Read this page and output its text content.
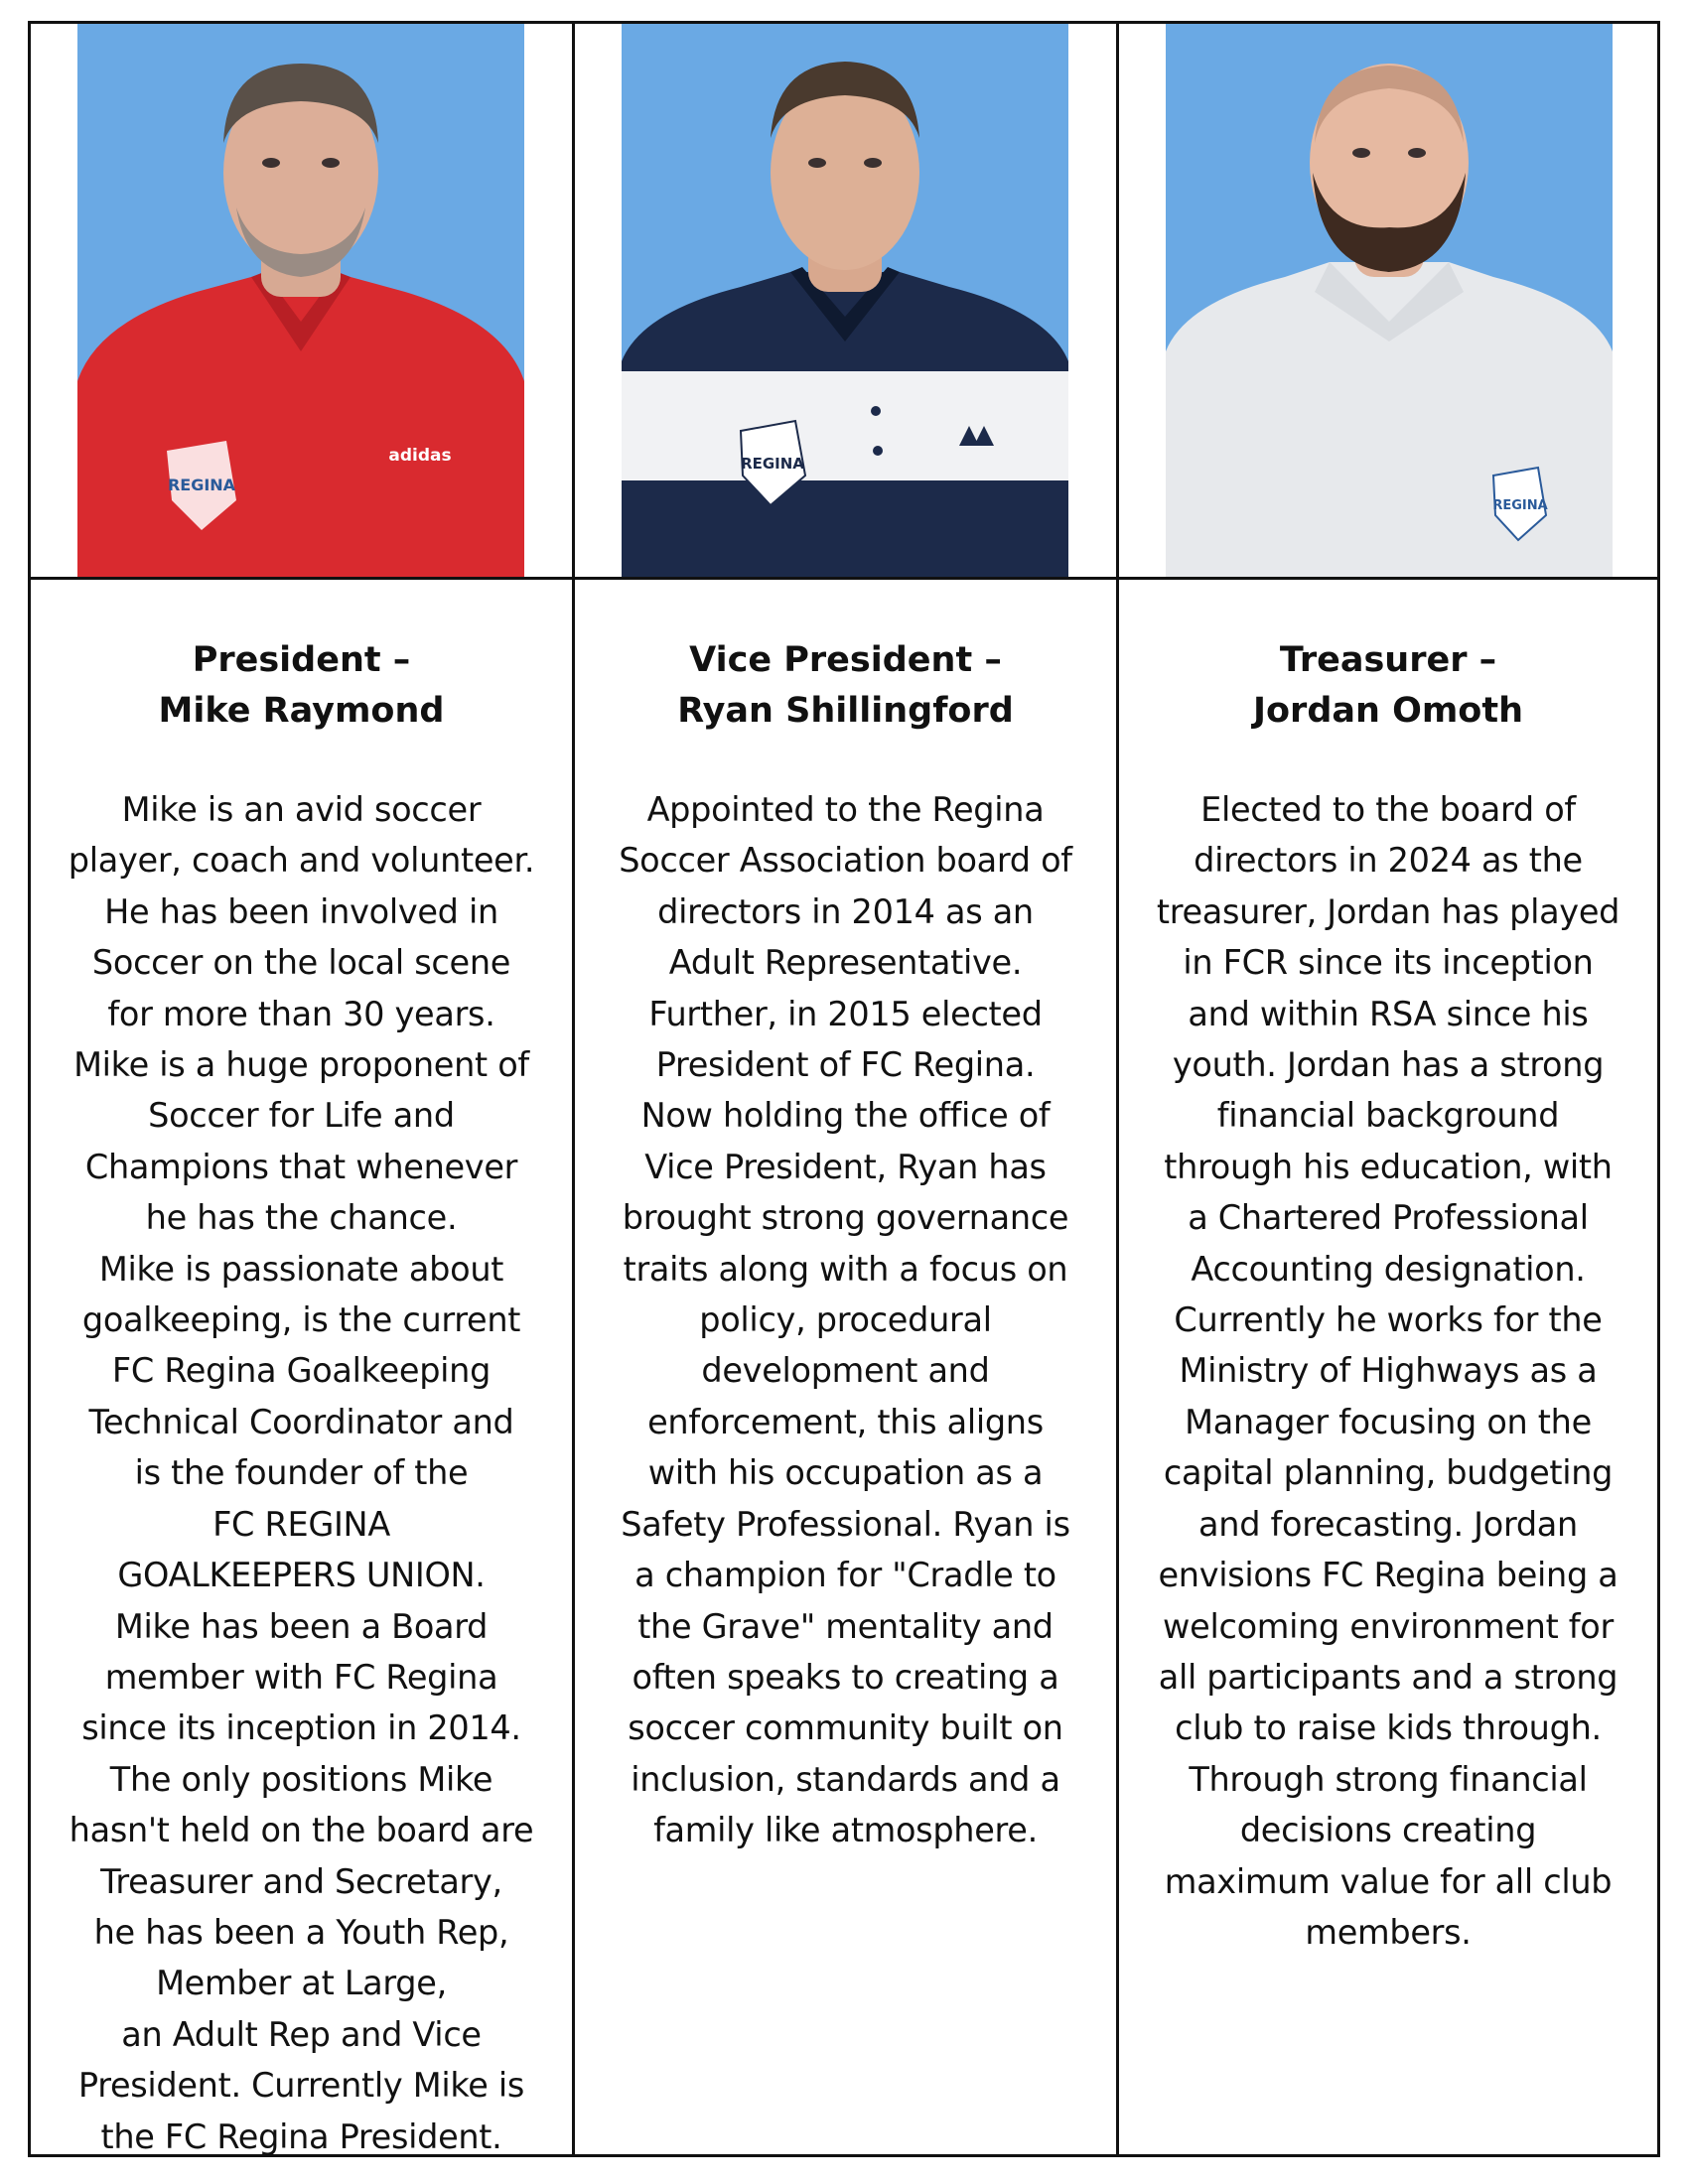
REGINA
adidas	REGINA
REGINA
President –
Mike Raymond
Mike is an avid soccer
player, coach and volunteer.
He has been involved in
Soccer on the local scene
for more than 30 years.
Mike is a huge proponent of
Soccer for Life and
Champions that whenever
he has the chance.
Mike is passionate about
goalkeeping, is the current
FC Regina Goalkeeping
Technical Coordinator and
is the founder of the
FC REGINA
GOALKEEPERS UNION.
Mike has been a Board
member with FC Regina
since its inception in 2014.
The only positions Mike
hasn't held on the board are
Treasurer and Secretary,
he has been a Youth Rep,
Member at Large,
an Adult Rep and Vice
President. Currently Mike is
the FC Regina President.
Vice President –
Ryan Shillingford
Appointed to the Regina
Soccer Association board of
directors in 2014 as an
Adult Representative.
Further, in 2015 elected
President of FC Regina.
Now holding the office of
Vice President, Ryan has
brought strong governance
traits along with a focus on
policy, procedural
development and
enforcement, this aligns
with his occupation as a
Safety Professional. Ryan is
a champion for "Cradle to
the Grave" mentality and
often speaks to creating a
soccer community built on
inclusion, standards and a
family like atmosphere.
Treasurer –
Jordan Omoth
Elected to the board of
directors in 2024 as the
treasurer, Jordan has played
in FCR since its inception
and within RSA since his
youth. Jordan has a strong
financial background
through his education, with
a Chartered Professional
Accounting designation.
Currently he works for the
Ministry of Highways as a
Manager focusing on the
capital planning, budgeting
and forecasting. Jordan
envisions FC Regina being a
welcoming environment for
all participants and a strong
club to raise kids through.
Through strong financial
decisions creating
maximum value for all club
members.
